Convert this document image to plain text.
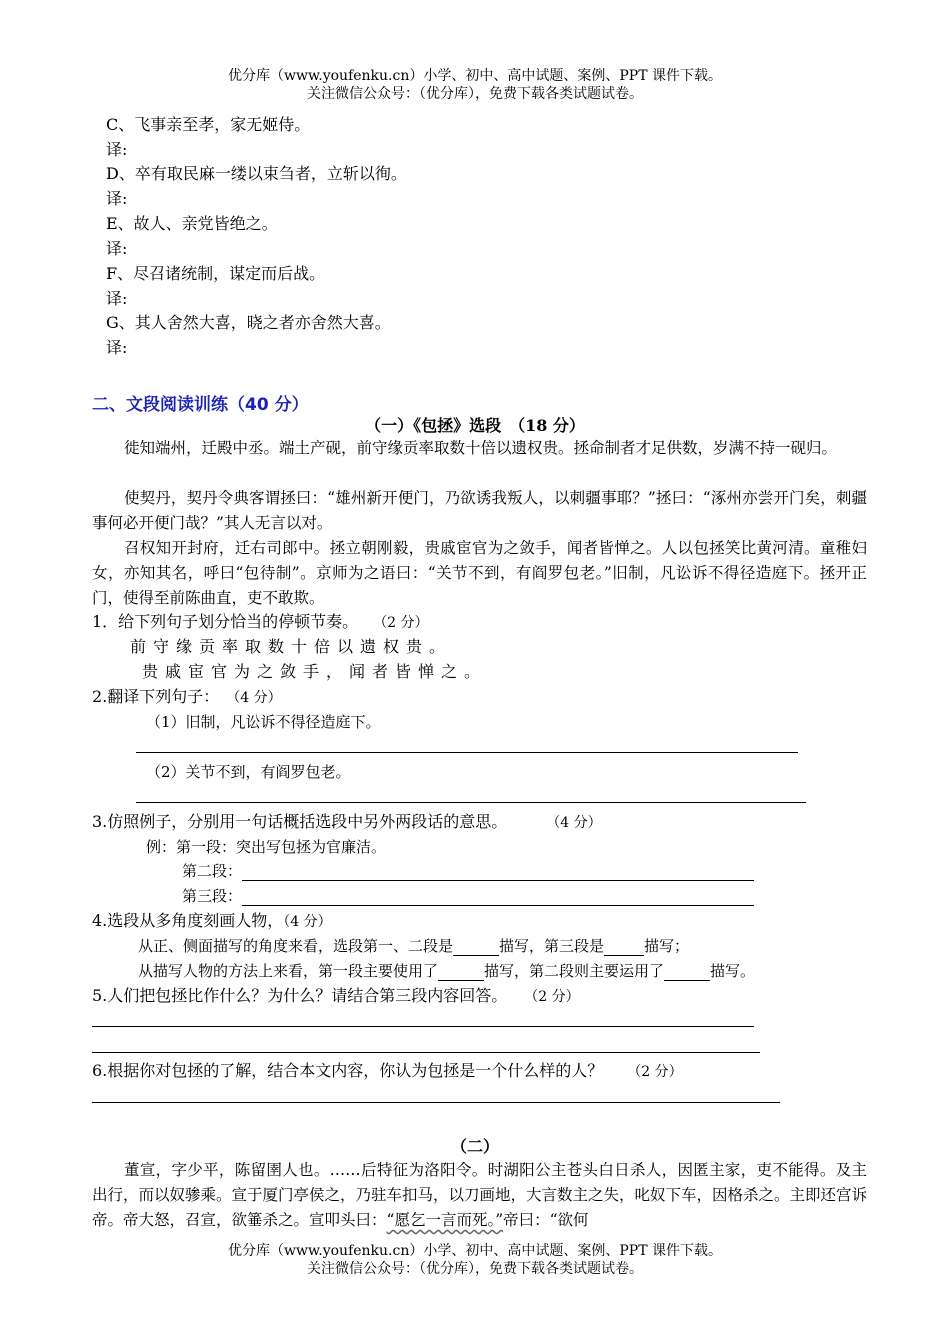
优分库（www.youfenku.cn）小学、初中、高中试题、案例、PPT 课件下载。
关注微信公众号：（优分库），免费下载各类试题试卷。
C、飞事亲至孝，家无姬侍。
译:
D、卒有取民麻一缕以束刍者，立斩以徇。
译:
E、故人、亲党皆绝之。
译:
F、尽召诸统制，谋定而后战。
译:
G、其人舍然大喜，晓之者亦舍然大喜。
译:
二、文段阅读训练（40 分）
（一）《包拯》选段　（18 分）
徙知端州，迁殿中丞。端土产砚，前守缘贡率取数十倍以遗权贵。拯命制者才足供数，岁满不持一砚归。
使契丹，契丹令典客谓拯曰：“雄州新开便门，乃欲诱我叛人，以刺疆事耶？”拯曰：“涿州亦尝开门矣，刺疆事何必开便门哉？”其人无言以对。
召权知开封府，迁右司郎中。拯立朝刚毅，贵戚宦官为之敛手，闻者皆惮之。人以包拯笑比黄河清。童稚妇女，亦知其名，呼曰“包待制”。京师为之语曰：“关节不到，有阎罗包老。”旧制，凡讼诉不得径造庭下。拯开正门，使得至前陈曲直，吏不敢欺。
1．给下列句子划分恰当的停顿节奏。 （2 分）
前守缘贡率取数十倍以遗权贵。
贵戚宦官为之敛手，闻者皆惮之。
2.翻译下列句子： （4 分）
（1）旧制，凡讼诉不得径造庭下。
（2）关节不到，有阎罗包老。
3.仿照例子，分别用一句话概括选段中另外两段话的意思。	（4 分）
例：第一段：突出写包拯为官廉洁。
第二段：
第三段：
4.选段从多角度刻画人物，（4 分）
从正、侧面描写的角度来看，选段第一、二段是	描写，第三段是	描写；
从描写人物的方法上来看，第一段主要使用了	描写，第二段则主要运用了	描写。
5.人们把包拯比作什么？为什么？请结合第三段内容回答。 （2 分）
6.根据你对包拯的了解，结合本文内容，你认为包拯是一个什么样的人？ （2 分）
（二）
董宣，字少平，陈留圉人也。……后特征为洛阳令。时湖阳公主苍头白日杀人，因匿主家，吏不能得。及主出行，而以奴骖乘。宣于厦门亭侯之，乃驻车扣马，以刀画地，大言数主之失，叱奴下车，因格杀之。主即还宫诉帝。帝大怒，召宣，欲箠杀之。宣叩头曰：“愿乞一言而死。”帝曰：“欲何
优分库（www.youfenku.cn）小学、初中、高中试题、案例、PPT 课件下载。
关注微信公众号：（优分库），免费下载各类试题试卷。
